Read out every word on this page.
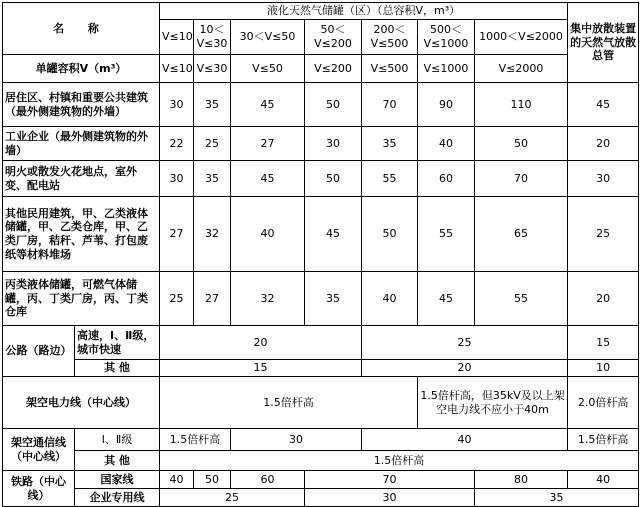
名 称		液化天然气储罐（区）（总容积V，m³）							集中放散装置的天然气放散总管	
		V≤10	10＜V≤30	30＜V≤50	50＜V≤200	200＜V≤500	500＜V≤1000	1000＜V≤2000		
单罐容积V（m³）		V≤10	V≤30	V≤50	V≤200	V≤500	V≤1000	V≤2000		
居住区、村镇和重要公共建筑（最外侧建筑物的外墙）		30	35	45	50	70	90	110	45	
工业企业（最外侧建筑物的外墙）		22	25	27	30	35	40	50	20	
明火或散发火花地点，室外变、配电站		30	35	45	50	55	60	70	30	
其他民用建筑，甲、乙类液体储罐，甲、乙类仓库，甲、乙类厂房，秸秆、芦苇、打包废纸等材料堆场		27	32	40	45	50	55	65	25	
丙类液体储罐，可燃气体储罐，丙、丁类厂房，丙、丁类仓库		25	27	32	35	40	45	55	20	
公路（路边）	高速，Ⅰ、Ⅱ级，城市快速	20				25			15	
	其 他	15				20			10	
架空电力线（中心线）		1.5倍杆高					1.5倍杆高，但35kV及以上架空电力线不应小于40m		2.0倍杆高	
架空通信线（中心线）	Ⅰ、Ⅱ级	1.5倍杆高		30		40			1.5倍杆高	
	其 他	1.5倍杆高								
铁路（中心线）	国家线	40	50	60	70			80	40	
	企业专用线	25			30			35	
